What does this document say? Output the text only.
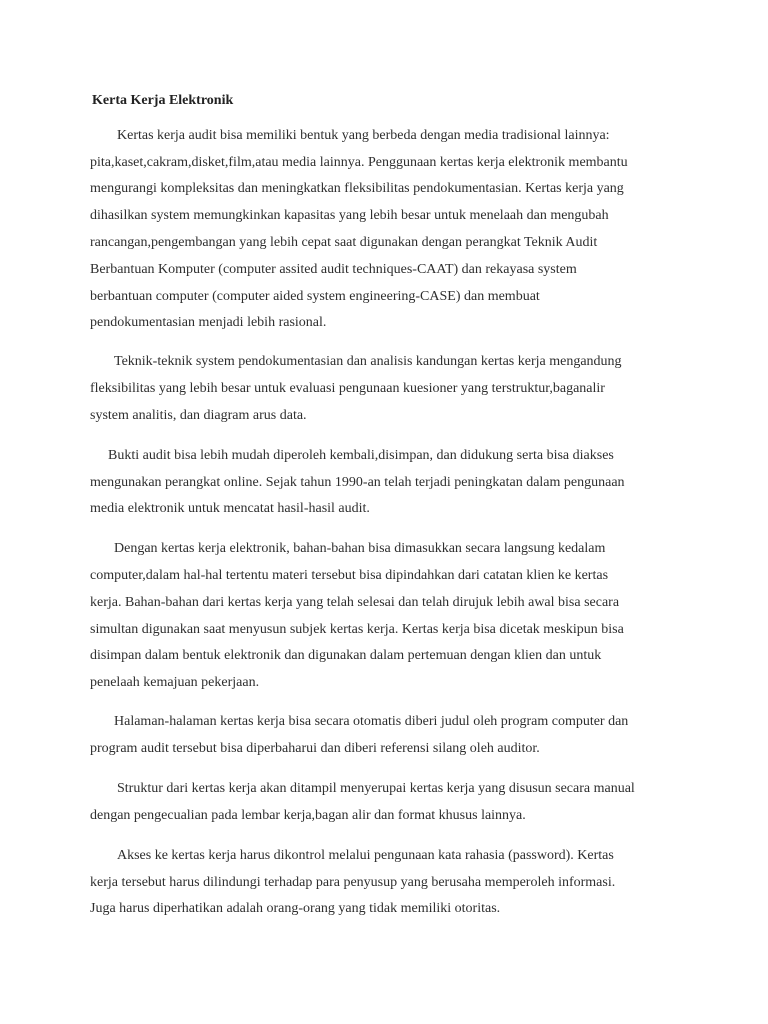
Kerta Kerja Elektronik
Kertas kerja audit bisa memiliki bentuk yang berbeda dengan media tradisional lainnya:
pita,kaset,cakram,disket,film,atau media lainnya. Penggunaan kertas kerja elektronik membantu
mengurangi kompleksitas dan meningkatkan fleksibilitas pendokumentasian. Kertas kerja yang
dihasilkan system memungkinkan kapasitas yang lebih besar untuk menelaah dan mengubah
rancangan,pengembangan yang lebih cepat saat digunakan dengan perangkat Teknik Audit
Berbantuan Komputer (computer assited audit techniques-CAAT) dan rekayasa system
berbantuan computer (computer aided system engineering-CASE) dan membuat
pendokumentasian menjadi lebih rasional.
Teknik-teknik system pendokumentasian dan analisis kandungan kertas kerja mengandung
fleksibilitas yang lebih besar untuk evaluasi pengunaan kuesioner yang terstruktur,baganalir
system analitis, dan diagram arus data.
Bukti audit bisa lebih mudah diperoleh kembali,disimpan, dan didukung serta bisa diakses
mengunakan perangkat online. Sejak tahun 1990-an telah terjadi peningkatan dalam pengunaan
media elektronik untuk mencatat hasil-hasil audit.
Dengan kertas kerja elektronik, bahan-bahan bisa dimasukkan secara langsung kedalam
computer,dalam hal-hal tertentu materi tersebut bisa dipindahkan dari catatan klien ke kertas
kerja. Bahan-bahan dari kertas kerja yang telah selesai dan telah dirujuk lebih awal bisa secara
simultan digunakan saat menyusun subjek kertas kerja. Kertas kerja bisa dicetak meskipun bisa
disimpan dalam bentuk elektronik dan digunakan dalam pertemuan dengan klien dan untuk
penelaah kemajuan pekerjaan.
Halaman-halaman kertas kerja bisa secara otomatis diberi judul oleh program computer dan
program audit tersebut bisa diperbaharui dan diberi referensi silang oleh auditor.
Struktur dari kertas kerja akan ditampil menyerupai kertas kerja yang disusun secara manual
dengan pengecualian pada lembar kerja,bagan alir dan format khusus lainnya.
Akses ke kertas kerja harus dikontrol melalui pengunaan kata rahasia (password). Kertas
kerja tersebut harus dilindungi terhadap para penyusup yang berusaha memperoleh informasi.
Juga harus diperhatikan adalah orang-orang yang tidak memiliki otoritas.
